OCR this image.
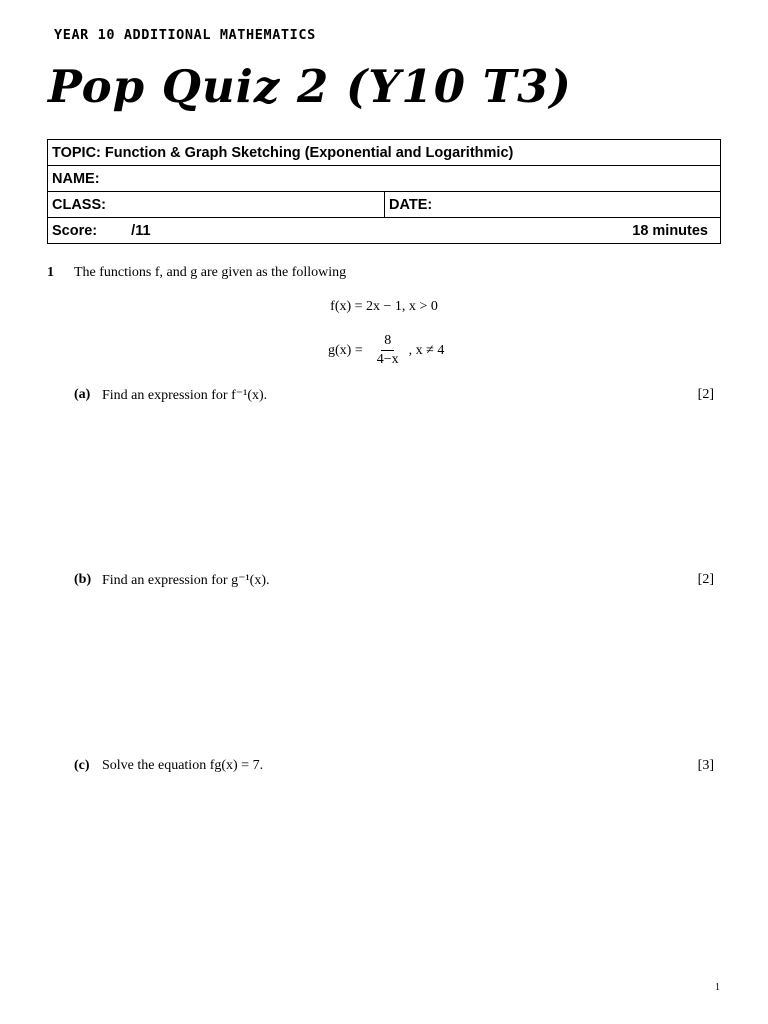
YEAR 10 ADDITIONAL MATHEMATICS
Pop Quiz 2 (Y10 T3)
TOPIC: Function & Graph Sketching (Exponential and Logarithmic)
NAME:
CLASS:	DATE:

Score: /11	18 minutes
1 The functions f, and g are given as the following
f(x) = 2x − 1, x > 0
$g(x) = \frac{8}{4-x}$ , x ≠ 4
(a) Find an expression for f⁻¹(x).	[2]
(b) Find an expression for g⁻¹(x).	[2]
(c) Solve the equation fg(x) = 7.	[3]
1
